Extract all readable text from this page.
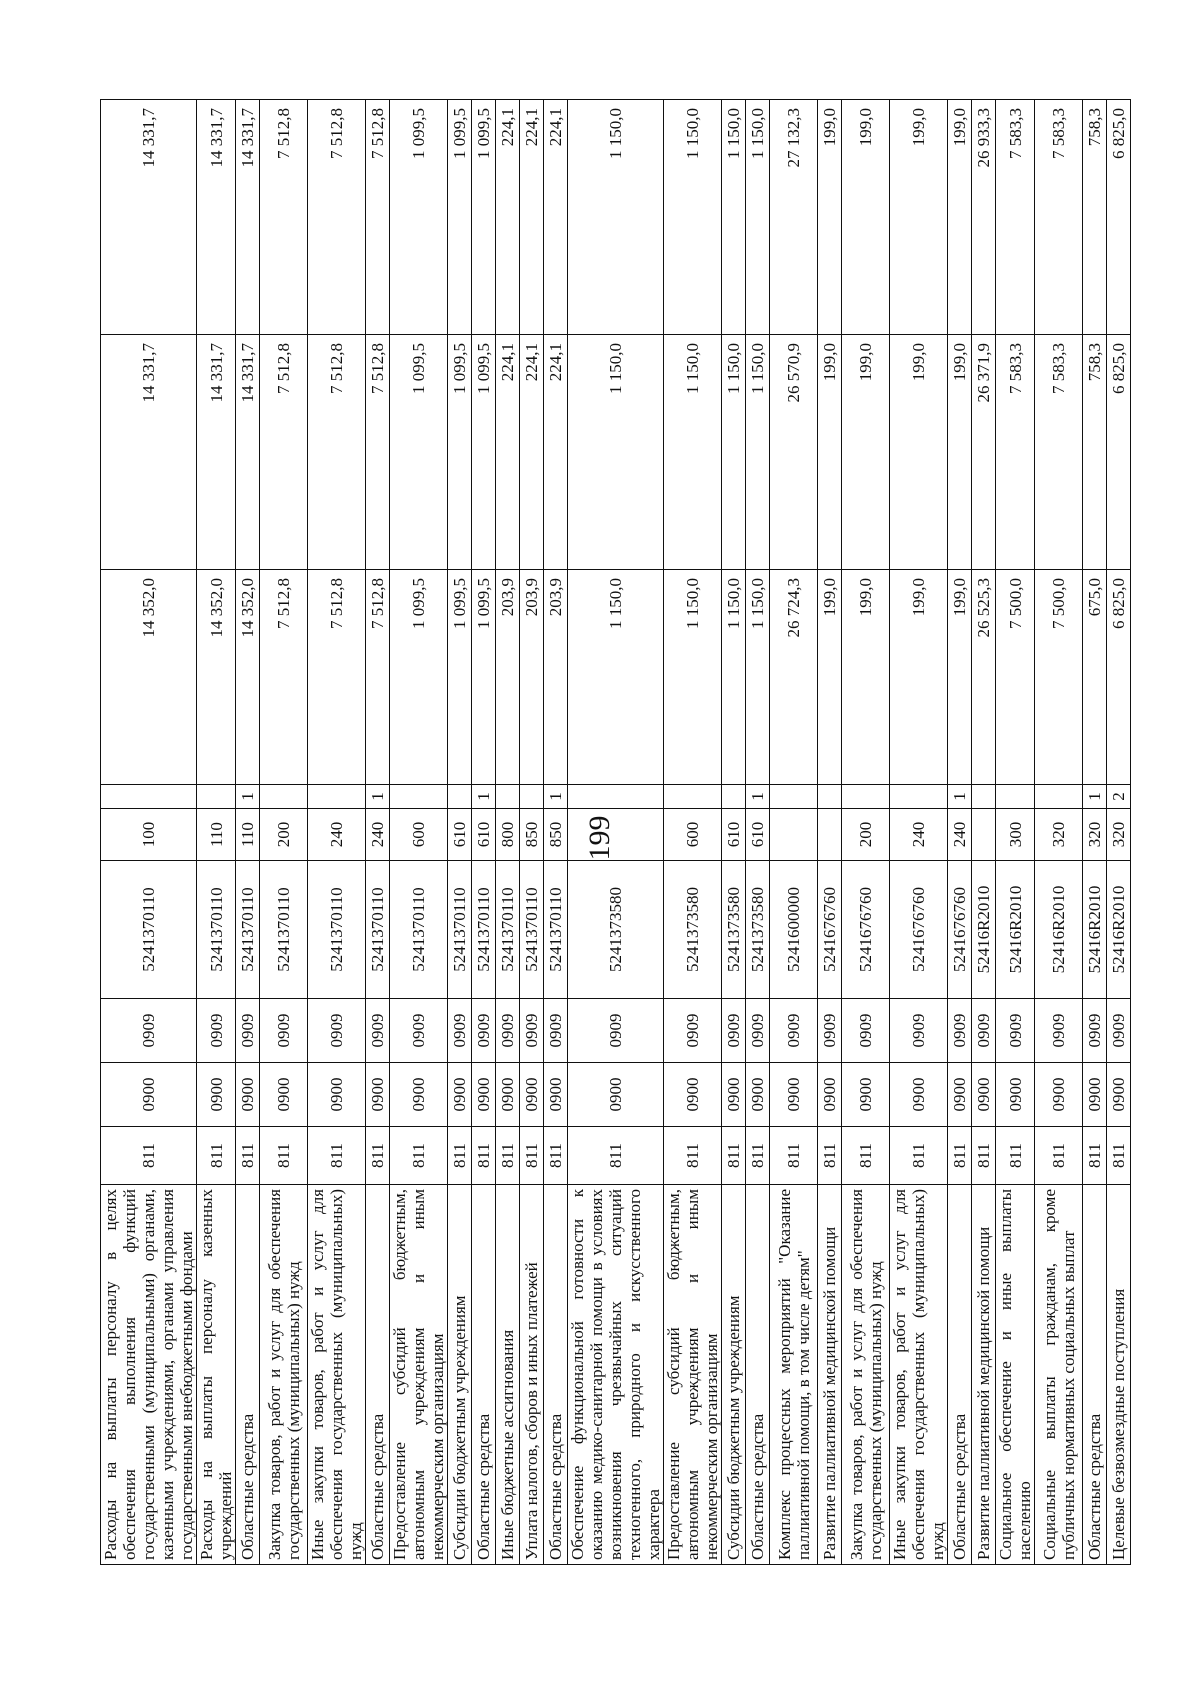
199
Расходы на выплаты персоналу в целях обеспечения выполнения функций государственными (муниципальными) органами, казенными учреждениями, органами управления государственными внебюджетными фондами	811	0900	0909	5241370110	100		14 352,0	14 331,7	14 331,7
Расходы на выплаты персоналу казенных учреждений	811	0900	0909	5241370110	110		14 352,0	14 331,7	14 331,7
Областные средства	811	0900	0909	5241370110	110	1	14 352,0	14 331,7	14 331,7
Закупка товаров, работ и услуг для обеспечения государственных (муниципальных) нужд	811	0900	0909	5241370110	200		7 512,8	7 512,8	7 512,8
Иные закупки товаров, работ и услуг для обеспечения государственных (муниципальных) нужд	811	0900	0909	5241370110	240		7 512,8	7 512,8	7 512,8
Областные средства	811	0900	0909	5241370110	240	1	7 512,8	7 512,8	7 512,8
Предоставление субсидий бюджетным, автономным учреждениям и иным некоммерческим организациям	811	0900	0909	5241370110	600		1 099,5	1 099,5	1 099,5
Субсидии бюджетным учреждениям	811	0900	0909	5241370110	610		1 099,5	1 099,5	1 099,5
Областные средства	811	0900	0909	5241370110	610	1	1 099,5	1 099,5	1 099,5
Иные бюджетные ассигнования	811	0900	0909	5241370110	800		203,9	224,1	224,1
Уплата налогов, сборов и иных платежей	811	0900	0909	5241370110	850		203,9	224,1	224,1
Областные средства	811	0900	0909	5241370110	850	1	203,9	224,1	224,1
Обеспечение функциональной готовности к оказанию медико-санитарной помощи в условиях возникновения чрезвычайных ситуаций техногенного, природного и искусственного характера	811	0900	0909	5241373580			1 150,0	1 150,0	1 150,0
Предоставление субсидий бюджетным, автономным учреждениям и иным некоммерческим организациям	811	0900	0909	5241373580	600		1 150,0	1 150,0	1 150,0
Субсидии бюджетным учреждениям	811	0900	0909	5241373580	610		1 150,0	1 150,0	1 150,0
Областные средства	811	0900	0909	5241373580	610	1	1 150,0	1 150,0	1 150,0
Комплекс процессных мероприятий "Оказание паллиативной помощи, в том числе детям"	811	0900	0909	5241600000			26 724,3	26 570,9	27 132,3
Развитие паллиативной медицинской помощи	811	0900	0909	5241676760			199,0	199,0	199,0
Закупка товаров, работ и услуг для обеспечения государственных (муниципальных) нужд	811	0900	0909	5241676760	200		199,0	199,0	199,0
Иные закупки товаров, работ и услуг для обеспечения государственных (муниципальных) нужд	811	0900	0909	5241676760	240		199,0	199,0	199,0
Областные средства	811	0900	0909	5241676760	240	1	199,0	199,0	199,0
Развитие паллиативной медицинской помощи	811	0900	0909	52416R2010			26 525,3	26 371,9	26 933,3
Социальное обеспечение и иные выплаты населению	811	0900	0909	52416R2010	300		7 500,0	7 583,3	7 583,3
Социальные выплаты гражданам, кроме публичных нормативных социальных выплат	811	0900	0909	52416R2010	320		7 500,0	7 583,3	7 583,3
Областные средства	811	0900	0909	52416R2010	320	1	675,0	758,3	758,3
Целевые безвозмездные поступления	811	0900	0909	52416R2010	320	2	6 825,0	6 825,0	6 825,0
